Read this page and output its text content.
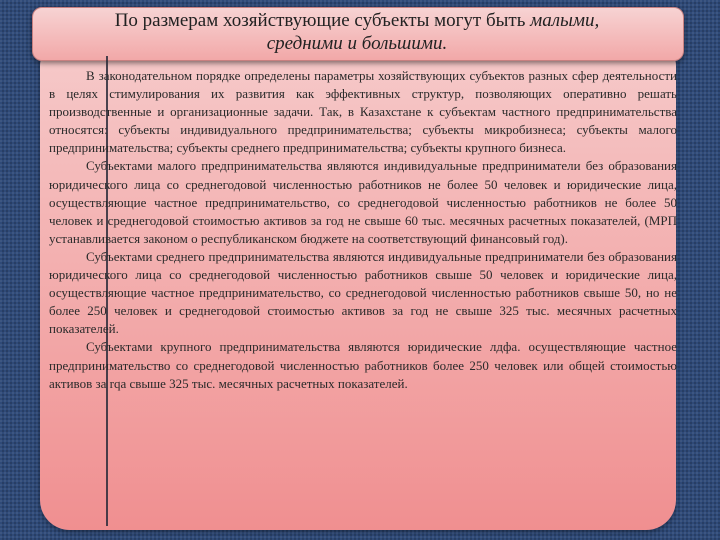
По размерам хозяйствующие субъекты могут быть малыми,
средними и большими.

В законодательном порядке определены параметры хозяйствующих субъектов разных сфер деятельности в целях стимулирования их развития как эффективных структур, позволяющих оперативно решать производственные и организационные задачи. Так, в Казахстане к субъектам частного предпринимательства относятся: субъекты индивидуального предпринимательства; субъекты микробизнеса; субъекты малого предпринимательства; субъекты среднего предпринимательства; субъекты крупного бизнеса.

Субъектами малого предпринимательства являются индивидуальные предприниматели без образования юридического лица со среднегодовой численностью работников не более 50 человек и юридические лица, осуществляющие частное предпринимательство, со среднегодовой численностью работников не более 50 человек и среднегодовой стоимостью активов за год не свыше 60 тыс. месячных расчетных показателей, (МРП устанавливается законом о республиканском бюджете на соответствующий финансовый год).

Субъектами среднего предпринимательства являются индивидуальные предприниматели без образования юридического лица со среднегодовой численностью работников свыше 50 человек и юридические лица, осуществляющие частное предпринимательство, со среднегодовой численностью работников свыше 50, но не более 250 человек и среднегодовой стоимостью активов за год не свыше 325 тыс. месячных расчетных показателей.

Субъектами крупного предпринимательства являются юридические лдфа. осуществляющие частное предпринимательство со среднегодовой численностью работников более 250 человек или общей стоимостью активов за rqa свыше 325 тыс. месячных расчетных показателей.
